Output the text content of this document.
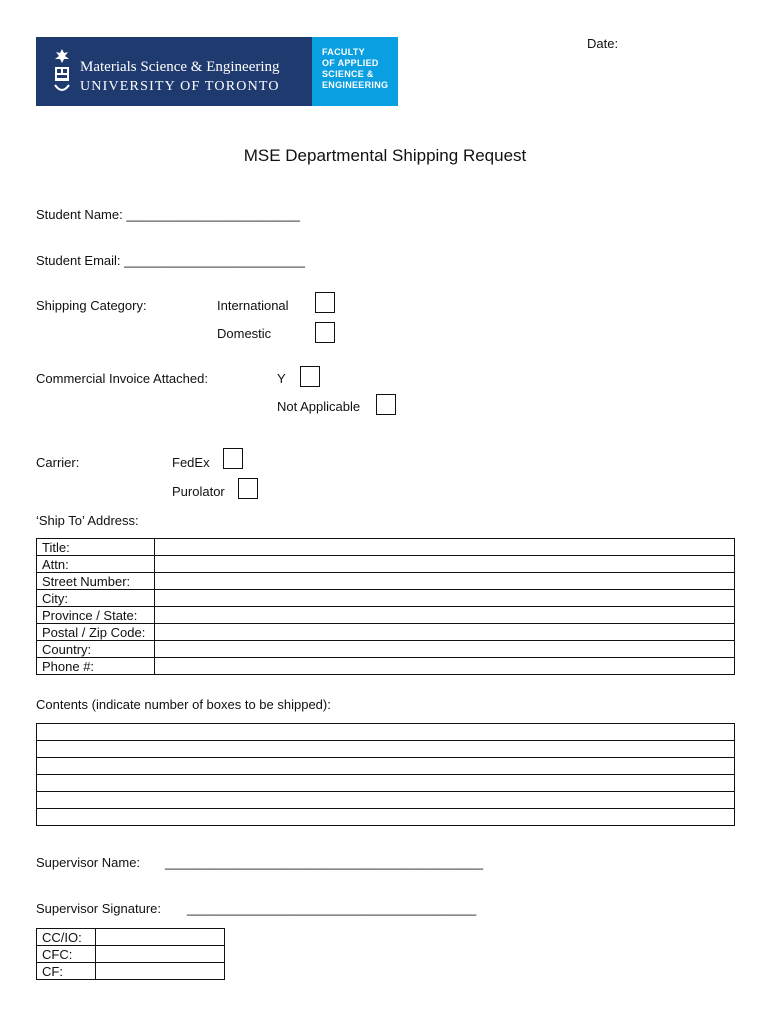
Date:
Materials Science & Engineering
UNIVERSITY OF TORONTO
FACULTY
OF APPLIED
SCIENCE &
ENGINEERING
MSE Departmental Shipping Request
Student Name: ________________________
Student Email: _________________________
Shipping Category:	International
Domestic
Commercial Invoice Attached:	Y
Not Applicable
Carrier:	FedEx
Purolator
‘Ship To’ Address:
Title:	
Attn:	
Street Number:	
City:	
Province / State:	
Postal / Zip Code:	
Country:	
Phone #:	
Contents (indicate number of boxes to be shipped):
Supervisor Name: ____________________________________________
Supervisor Signature: ________________________________________
CC/IO:	
CFC:	
CF:	
